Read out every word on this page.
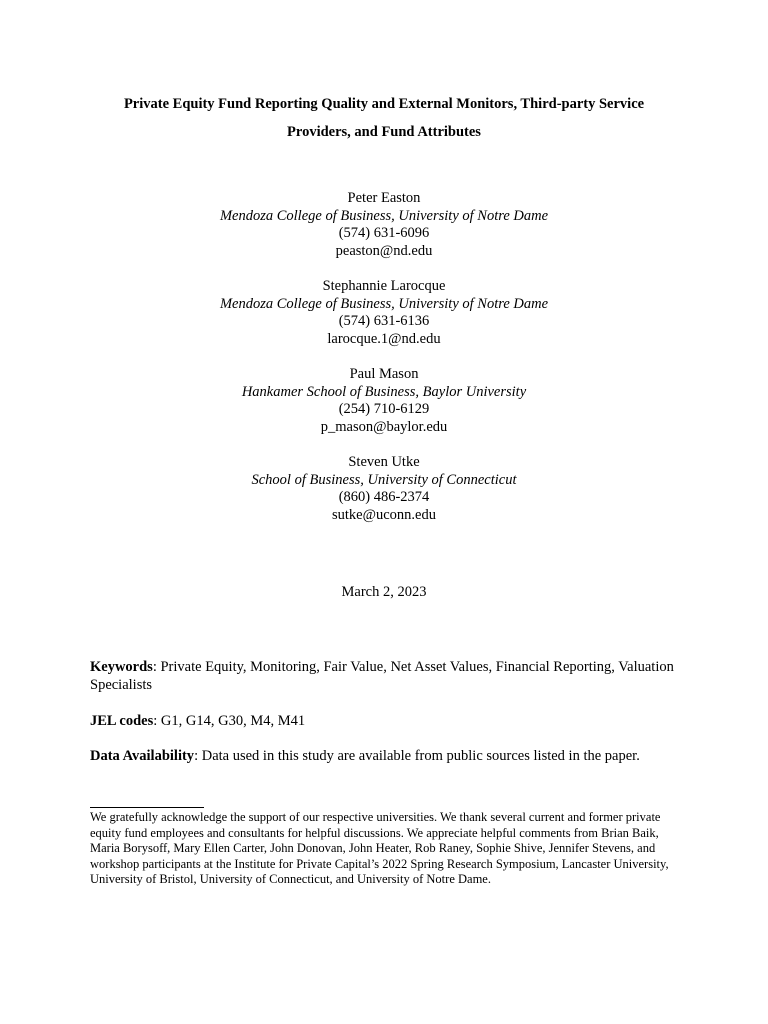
Private Equity Fund Reporting Quality and External Monitors, Third-party Service
Providers, and Fund Attributes
Peter Easton
Mendoza College of Business, University of Notre Dame
(574) 631-6096
peaston@nd.edu
Stephannie Larocque
Mendoza College of Business, University of Notre Dame
(574) 631-6136
larocque.1@nd.edu
Paul Mason
Hankamer School of Business, Baylor University
(254) 710-6129
p_mason@baylor.edu
Steven Utke
School of Business, University of Connecticut
(860) 486-2374
sutke@uconn.edu
March 2, 2023
Keywords: Private Equity, Monitoring, Fair Value, Net Asset Values, Financial Reporting, Valuation Specialists
JEL codes: G1, G14, G30, M4, M41
Data Availability: Data used in this study are available from public sources listed in the paper.
We gratefully acknowledge the support of our respective universities. We thank several current and former private equity fund employees and consultants for helpful discussions. We appreciate helpful comments from Brian Baik, Maria Borysoff, Mary Ellen Carter, John Donovan, John Heater, Rob Raney, Sophie Shive, Jennifer Stevens, and workshop participants at the Institute for Private Capital’s 2022 Spring Research Symposium, Lancaster University, University of Bristol, University of Connecticut, and University of Notre Dame.
